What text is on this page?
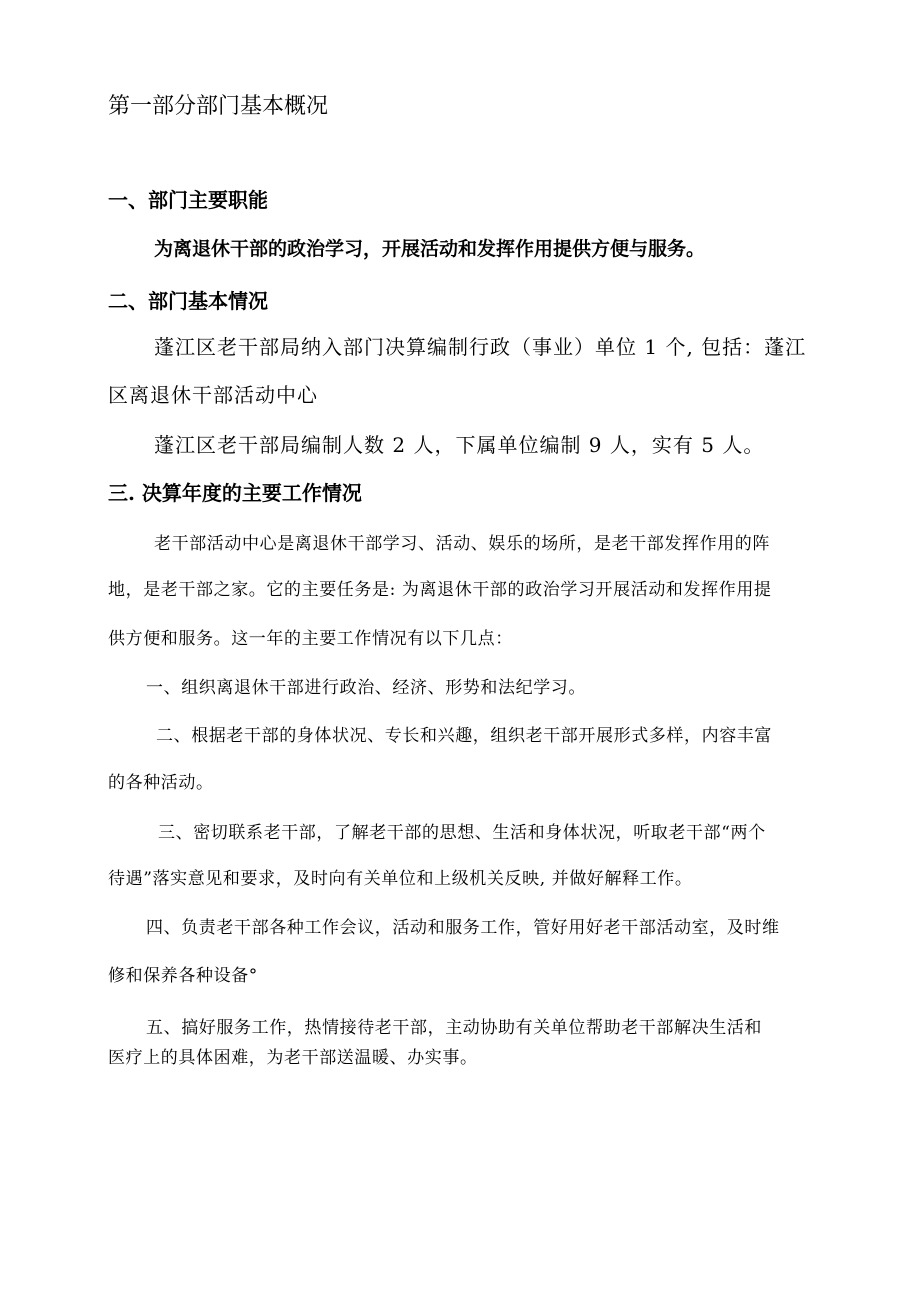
第一部分部门基本概况
一、部门主要职能
为离退休干部的政治学习，开展活动和发挥作用提供方便与服务。
二、部门基本情况
蓬江区老干部局纳入部门决算编制行政（事业）单位 1 个, 包括：蓬江
区离退休干部活动中心
蓬江区老干部局编制人数 2 人，下属单位编制 9 人，实有 5 人。
三. 决算年度的主要工作情况
老干部活动中心是离退休干部学习、活动、娱乐的场所，是老干部发挥作用的阵
地，是老干部之家。它的主要任务是: 为离退休干部的政治学习开展活动和发挥作用提
供方便和服务。这一年的主要工作情况有以下几点：
一、组织离退休干部进行政治、经济、形势和法纪学习。
二、根据老干部的身体状况、专长和兴趣，组织老干部开展形式多样，内容丰富
的各种活动。
三、密切联系老干部，了解老干部的思想、生活和身体状况，听取老干部“两个
待遇”落实意见和要求，及时向有关单位和上级机关反映, 并做好解释工作。
四、负责老干部各种工作会议，活动和服务工作，管好用好老干部活动室，及时维
修和保养各种设备°
五、搞好服务工作，热情接待老干部，主动协助有关单位帮助老干部解决生活和
医疗上的具体困难，为老干部送温暖、办实事。
